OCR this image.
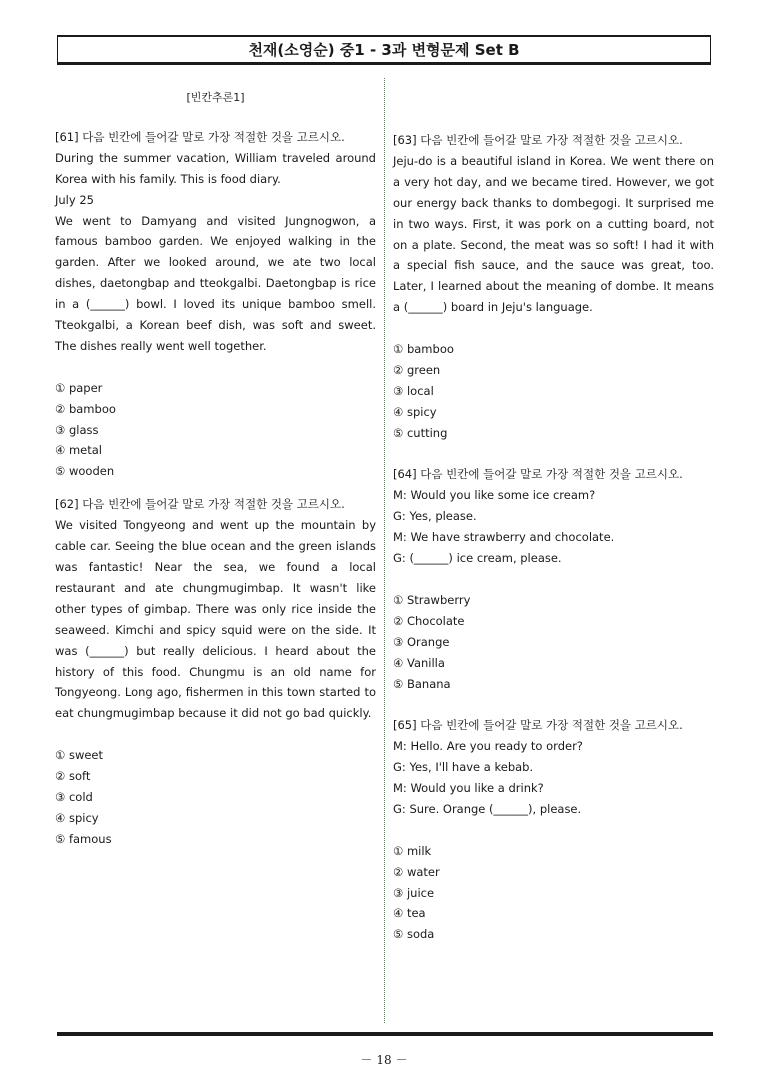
천재(소영순) 중1 - 3과 변형문제 Set B
[빈칸추론1]

[61] 다음 빈칸에 들어갈 말로 가장 적절한 것을 고르시오.

During the summer vacation, William traveled around Korea with his family. This is food diary.

July 25

We went to Damyang and visited Jungnogwon, a famous bamboo garden. We enjoyed walking in the garden. After we looked around, we ate two local dishes, daetongbap and tteokgalbi. Daetongbap is rice in a (______) bowl. I loved its unique bamboo smell. Tteokgalbi, a Korean beef dish, was soft and sweet. The dishes really went well together.

① paper
② bamboo
③ glass
④ metal
⑤ wooden

[62] 다음 빈칸에 들어갈 말로 가장 적절한 것을 고르시오.

We visited Tongyeong and went up the mountain by cable car. Seeing the blue ocean and the green islands was fantastic! Near the sea, we found a local restaurant and ate chungmugimbap. It wasn't like other types of gimbap. There was only rice inside the seaweed. Kimchi and spicy squid were on the side. It was (______) but really delicious. I heard about the history of this food. Chungmu is an old name for Tongyeong. Long ago, fishermen in this town started to eat chungmugimbap because it did not go bad quickly.

① sweet
② soft
③ cold
④ spicy
⑤ famous

[63] 다음 빈칸에 들어갈 말로 가장 적절한 것을 고르시오.

Jeju-do is a beautiful island in Korea. We went there on a very hot day, and we became tired. However, we got our energy back thanks to dombegogi. It surprised me in two ways. First, it was pork on a cutting board, not on a plate. Second, the meat was so soft! I had it with a special fish sauce, and the sauce was great, too. Later, I learned about the meaning of dombe. It means a (______) board in Jeju's language.

① bamboo
② green
③ local
④ spicy
⑤ cutting

[64] 다음 빈칸에 들어갈 말로 가장 적절한 것을 고르시오.

M: Would you like some ice cream?
G: Yes, please.
M: We have strawberry and chocolate.
G: (______) ice cream, please.
① Strawberry
② Chocolate
③ Orange
④ Vanilla
⑤ Banana

[65] 다음 빈칸에 들어갈 말로 가장 적절한 것을 고르시오.

M: Hello. Are you ready to order?
G: Yes, I'll have a kebab.
M: Would you like a drink?
G: Sure. Orange (______), please.
① milk
② water
③ juice
④ tea
⑤ soda
－ 18 －
